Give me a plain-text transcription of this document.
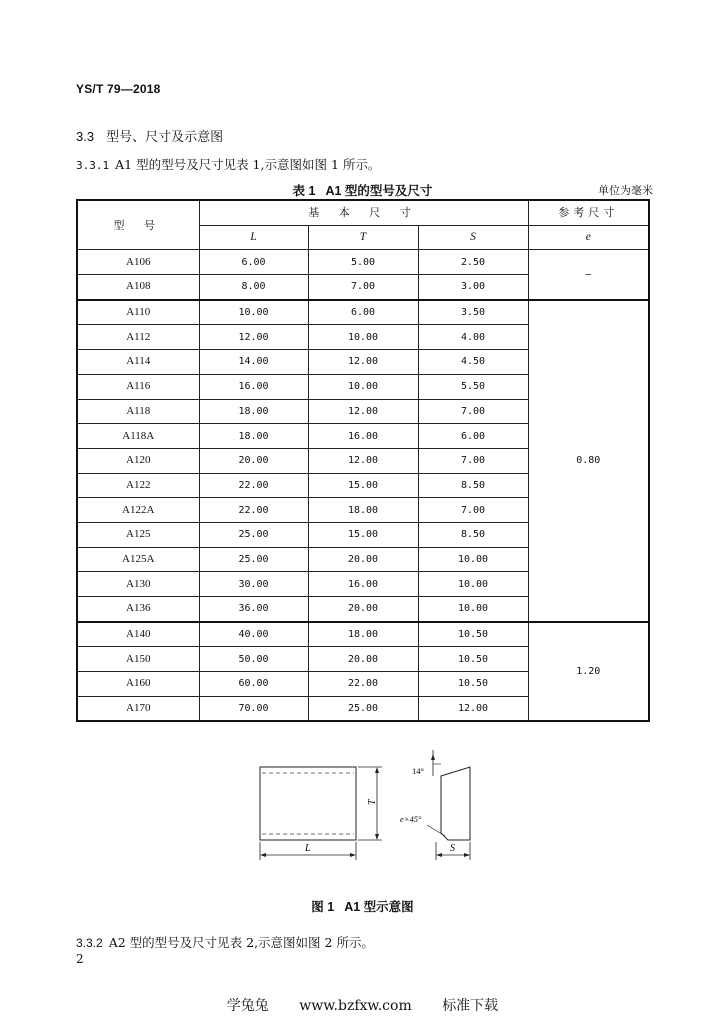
YS/T 79—2018
3.3 型号、尺寸及示意图
3.3.1 A1 型的型号及尺寸见表 1,示意图如图 1 所示。
表 1 A1 型的型号及尺寸	单位为毫米
型 号	基 本 尺 寸			参考尺寸
	L	T	S	e
A106	6.00	5.00	2.50	—
A108	8.00	7.00	3.00	
A110	10.00	6.00	3.50	0.80
A112	12.00	10.00	4.00	
A114	14.00	12.00	4.50	
A116	16.00	10.00	5.50	
A118	18.00	12.00	7.00	
A118A	18.00	16.00	6.00	
A120	20.00	12.00	7.00	
A122	22.00	15.00	8.50	
A122A	22.00	18.00	7.00	
A125	25.00	15.00	8.50	
A125A	25.00	20.00	10.00	
A130	30.00	16.00	10.00	
A136	36.00	20.00	10.00	
A140	40.00	18.00	10.50	1.20
A150	50.00	20.00	10.50	
A160	60.00	22.00	10.50	
A170	70.00	25.00	12.00	
L
T
14°
e×45°
S
图 1 A1 型示意图
3.3.2 A2 型的型号及尺寸见表 2,示意图如图 2 所示。
2
学兔兔 www.bzfxw.com 标准下载
